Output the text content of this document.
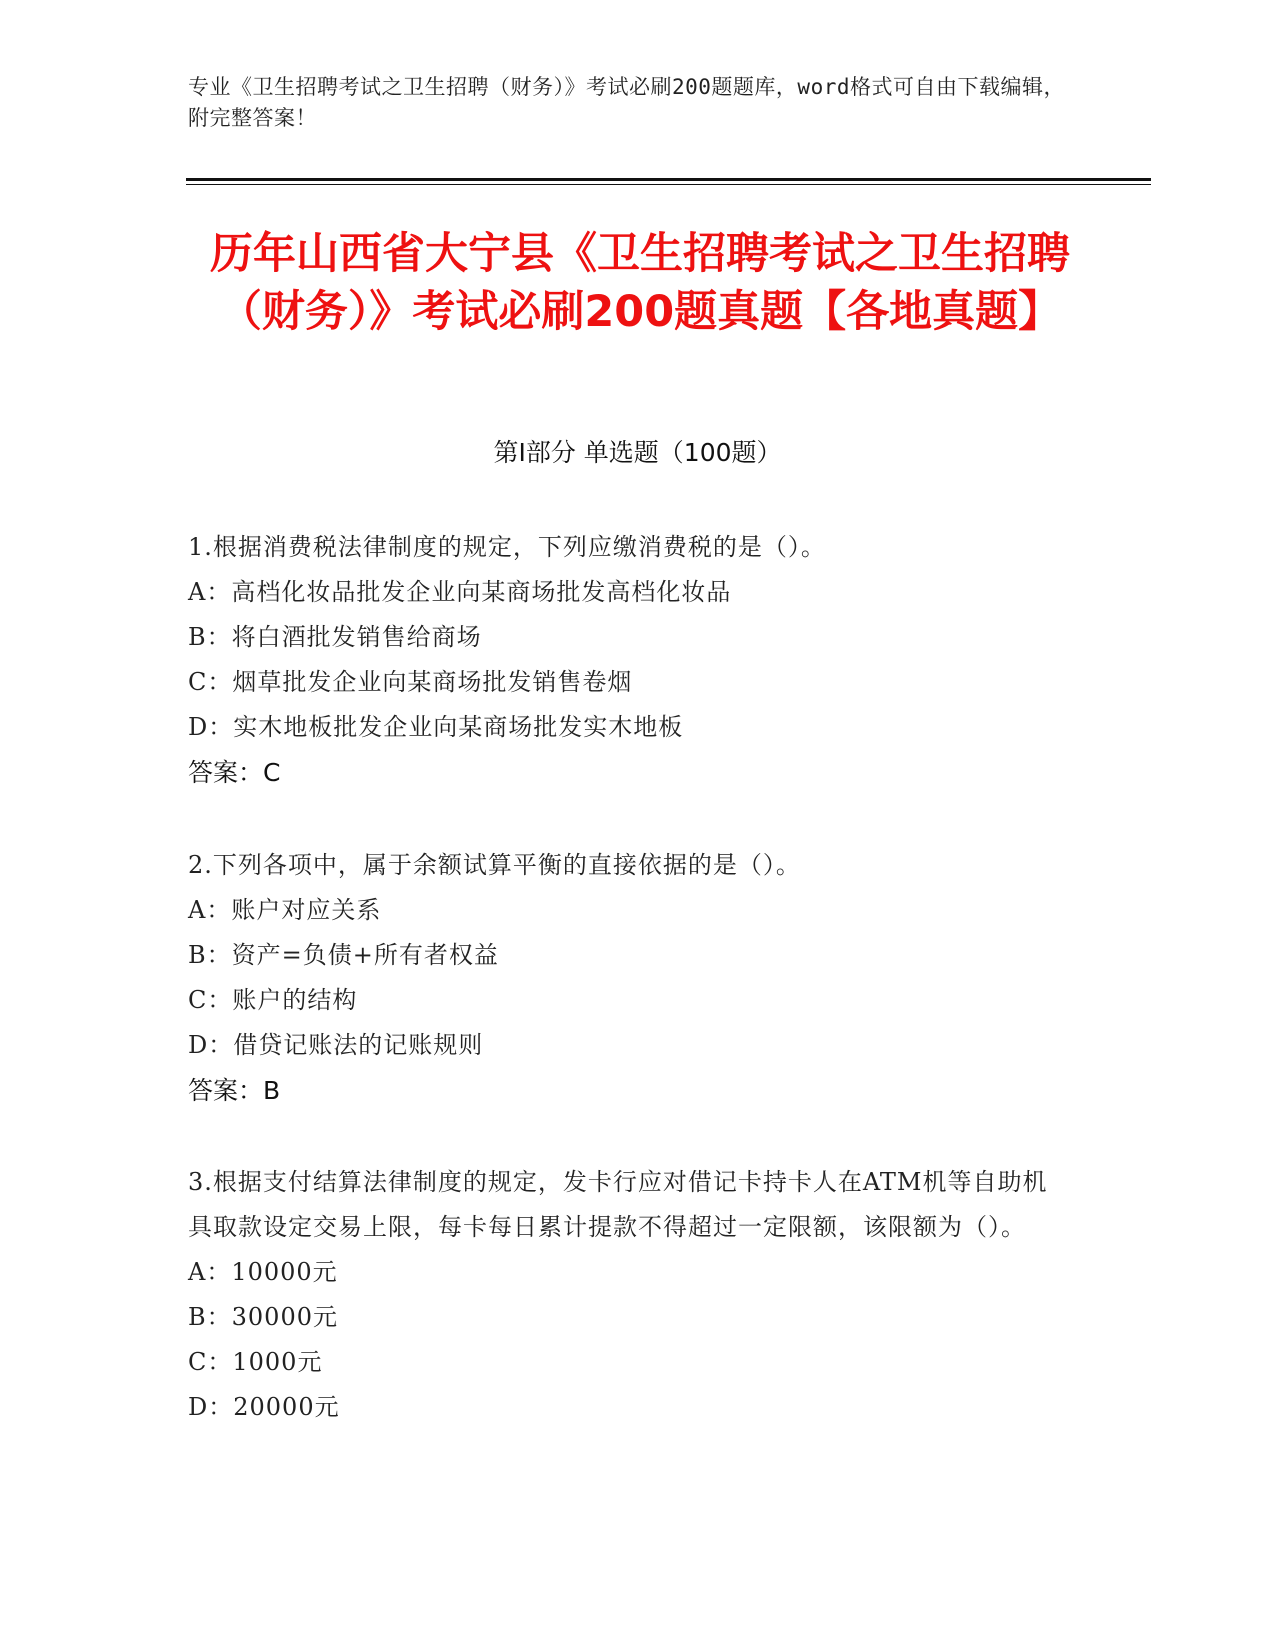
专业《卫生招聘考试之卫生招聘（财务）》考试必刷200题题库，word格式可自由下载编辑，附完整答案！
历年山西省大宁县《卫生招聘考试之卫生招聘（财务）》考试必刷200题真题【各地真题】
第Ⅰ部分 单选题（100题）
1.根据消费税法律制度的规定，下列应缴消费税的是（）。
A：高档化妆品批发企业向某商场批发高档化妆品
B：将白酒批发销售给商场
C：烟草批发企业向某商场批发销售卷烟
D：实木地板批发企业向某商场批发实木地板
答案：C
2.下列各项中，属于余额试算平衡的直接依据的是（）。
A：账户对应关系
B：资产=负债+所有者权益
C：账户的结构
D：借贷记账法的记账规则
答案：B
3.根据支付结算法律制度的规定，发卡行应对借记卡持卡人在ATM机等自助机具取款设定交易上限，每卡每日累计提款不得超过一定限额，该限额为（）。
A：10000元
B：30000元
C：1000元
D：20000元
